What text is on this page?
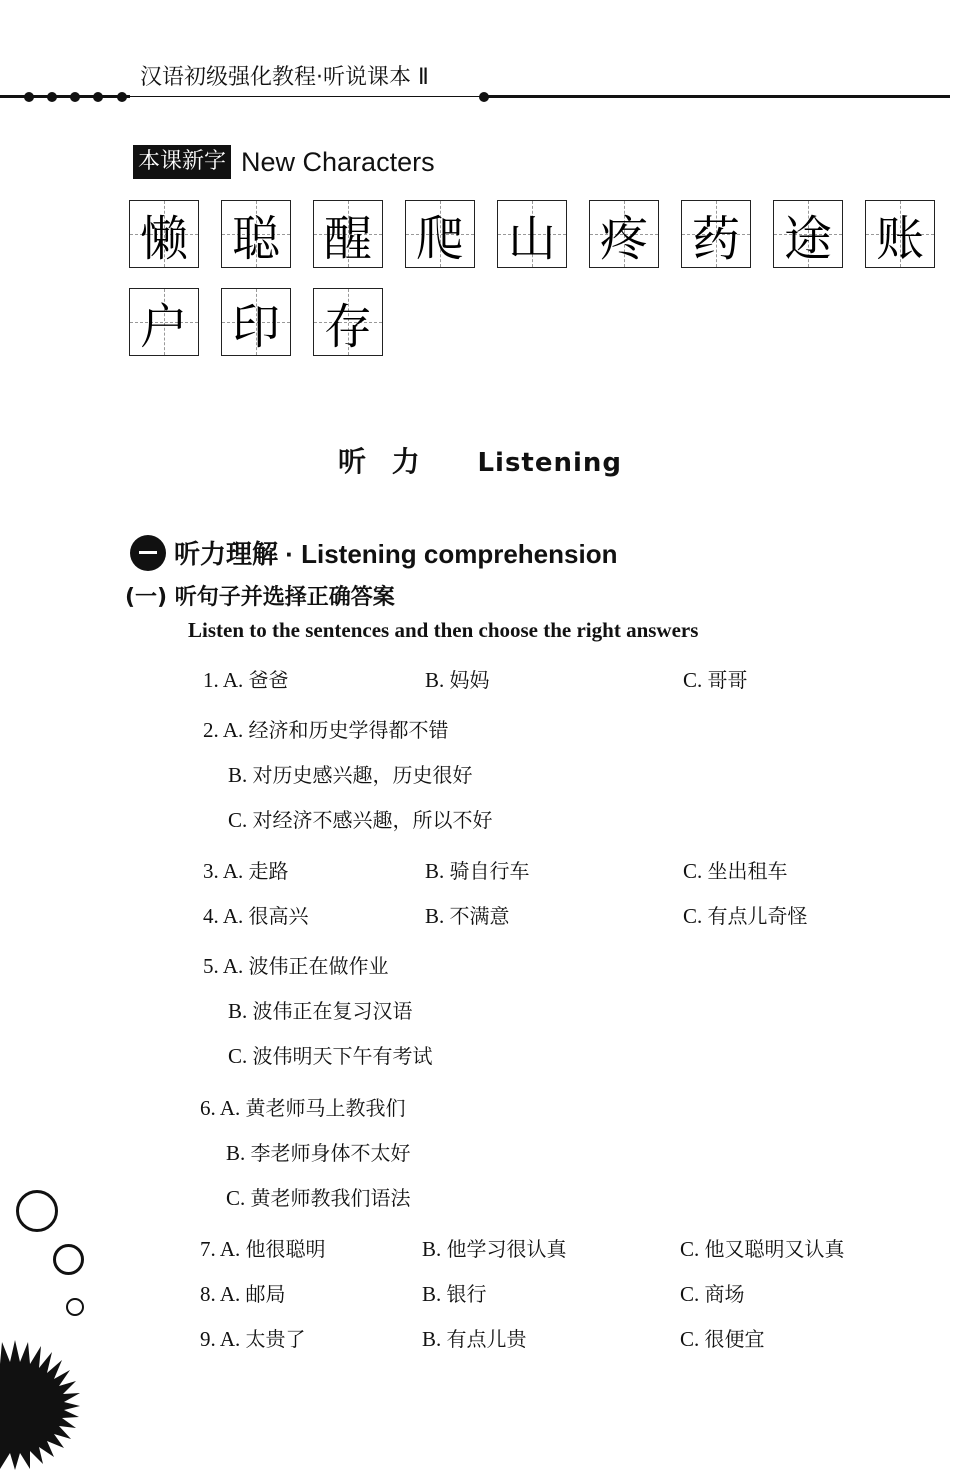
汉语初级强化教程·听说课本 Ⅱ
本课新字 New Characters
懒 聪 醒 爬 山 疼 药 途 账
户 印 存
听 力 Listening
听力理解 · Listening comprehension
(一) 听句子并选择正确答案
Listen to the sentences and then choose the right answers
1. A. 爸爸	B. 妈妈	C. 哥哥
2. A. 经济和历史学得都不错
B. 对历史感兴趣，历史很好
C. 对经济不感兴趣，所以不好
3. A. 走路	B. 骑自行车	C. 坐出租车
4. A. 很高兴	B. 不满意	C. 有点儿奇怪
5. A. 波伟正在做作业
B. 波伟正在复习汉语
C. 波伟明天下午有考试
6. A. 黄老师马上教我们
B. 李老师身体不太好
C. 黄老师教我们语法
7. A. 他很聪明	B. 他学习很认真	C. 他又聪明又认真
8. A. 邮局	B. 银行	C. 商场
9. A. 太贵了	B. 有点儿贵	C. 很便宜
